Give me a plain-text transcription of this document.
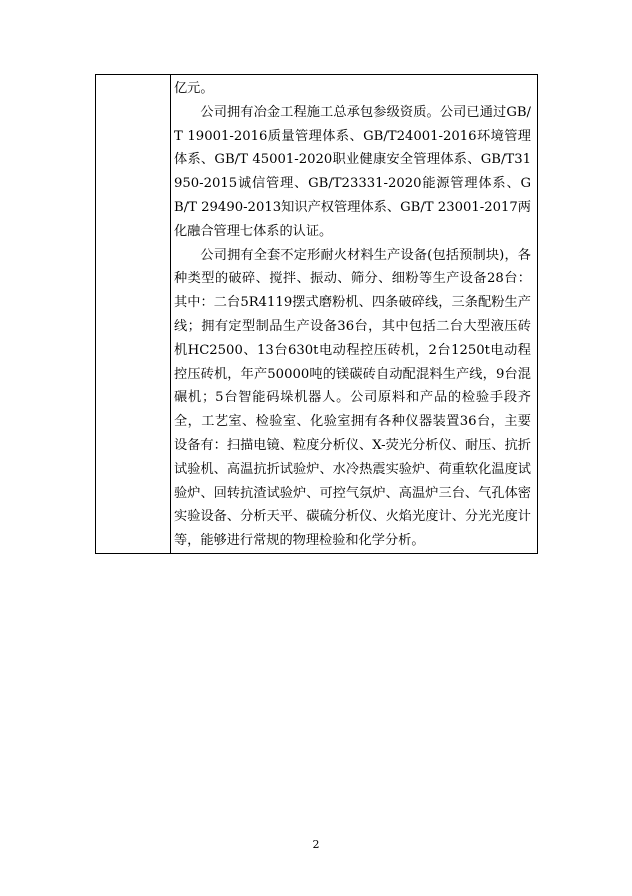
亿元。

公司拥有冶金工程施工总承包参级资质。公司已通过GB/T 19001-2016质量管理体系、GB/T24001-2016环境管理体系、GB/T 45001-2020职业健康安全管理体系、GB/T31950-2015诚信管理、GB/T23331-2020能源管理体系、GB/T 29490-2013知识产权管理体系、GB/T 23001-2017两化融合管理七体系的认证。

公司拥有全套不定形耐火材料生产设备(包括预制块)，各种类型的破碎、搅拌、振动、筛分、细粉等生产设备28台：其中：二台5R4119摆式磨粉机、四条破碎线，三条配粉生产线；拥有定型制品生产设备36台，其中包括二台大型液压砖机HC2500、13台630t电动程控压砖机，2台1250t电动程控压砖机，年产50000吨的镁碳砖自动配混料生产线，9台混碾机；5台智能码垛机器人。公司原料和产品的检验手段齐全，工艺室、检验室、化验室拥有各种仪器装置36台，主要设备有：扫描电镜、粒度分析仪、X-荧光分析仪、耐压、抗折试验机、高温抗折试验炉、水冷热震实验炉、荷重软化温度试验炉、回转抗渣试验炉、可控气氛炉、高温炉三台、气孔体密实验设备、分析天平、碳硫分析仪、火焰光度计、分光光度计等，能够进行常规的物理检验和化学分析。

2
